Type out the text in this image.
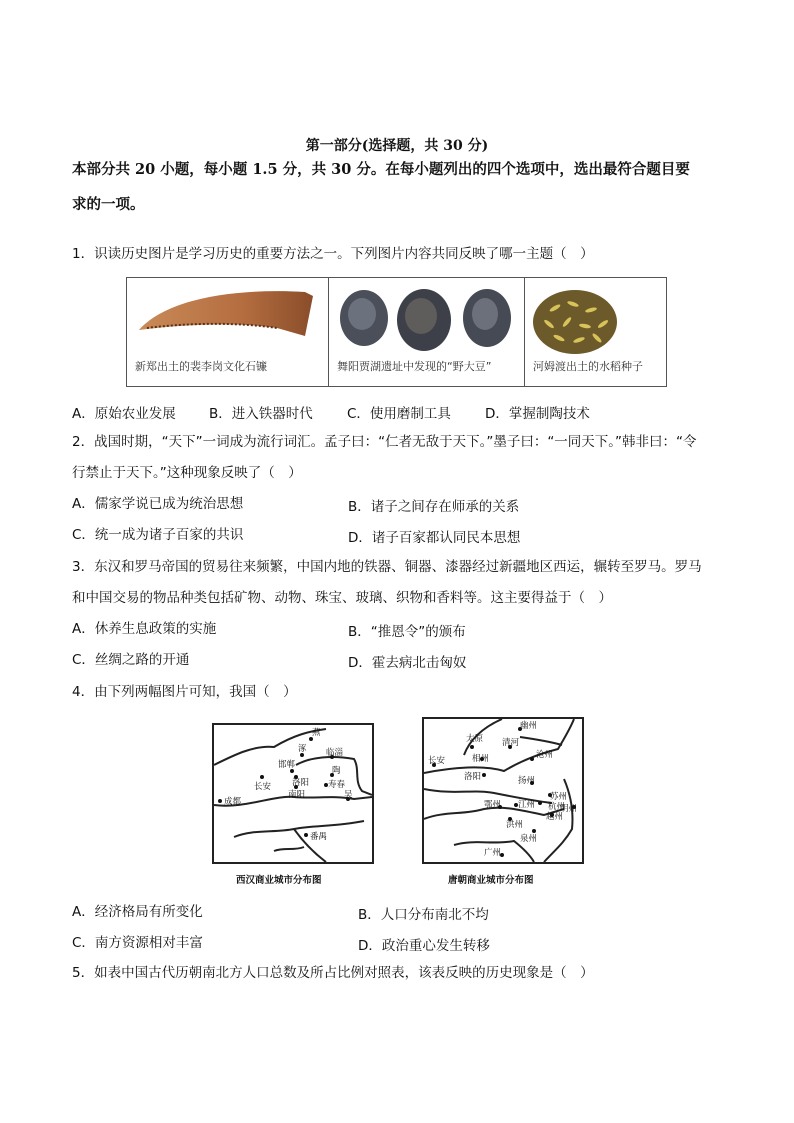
第一部分(选择题，共 30 分)
本部分共 20 小题，每小题 1.5 分，共 30 分。在每小题列出的四个选项中，选出最符合题目要
求的一项。
1．识读历史图片是学习历史的重要方法之一。下列图片内容共同反映了哪一主题（　）
新郑出土的裴李岗文化石镰	舞阳贾湖遗址中发现的“野大豆”	河姆渡出土的水稻种子
A．原始农业发展 B．进入铁器时代	C．使用磨制工具	D．掌握制陶技术
2．战国时期，“天下”一词成为流行词汇。孟子曰：“仁者无敌于天下。”墨子曰：“一同天下。”韩非曰：“令
行禁止于天下。”这种现象反映了（　）
A．儒家学说已成为统治思想	B．诸子之间存在师承的关系
C．统一成为诸子百家的共识	D．诸子百家都认同民本思想
3．东汉和罗马帝国的贸易往来频繁，中国内地的铁器、铜器、漆器经过新疆地区西运，辗转至罗马。罗马
和中国交易的物品种类包括矿物、动物、珠宝、玻璃、织物和香料等。这主要得益于（　）
A．休养生息政策的实施	B．“推恩令”的颁布
C．丝绸之路的开通	D．霍去病北击匈奴
4．由下列两幅图片可知，我国（　）
燕
涿
邯郸
临淄
陶
长安 洛阳 寿春
南阳	吴
成都
番禺
西汉商业城市分布图
幽州
太原 清河
相州	沧州
长安
洛阳	扬州
苏州
杭州
明州
越州
鄂州 江州
洪州
泉州
广州
唐朝商业城市分布图
A．经济格局有所变化	B．人口分布南北不均
C．南方资源相对丰富	D．政治重心发生转移
5．如表中国古代历朝南北方人口总数及所占比例对照表，该表反映的历史现象是（　）
